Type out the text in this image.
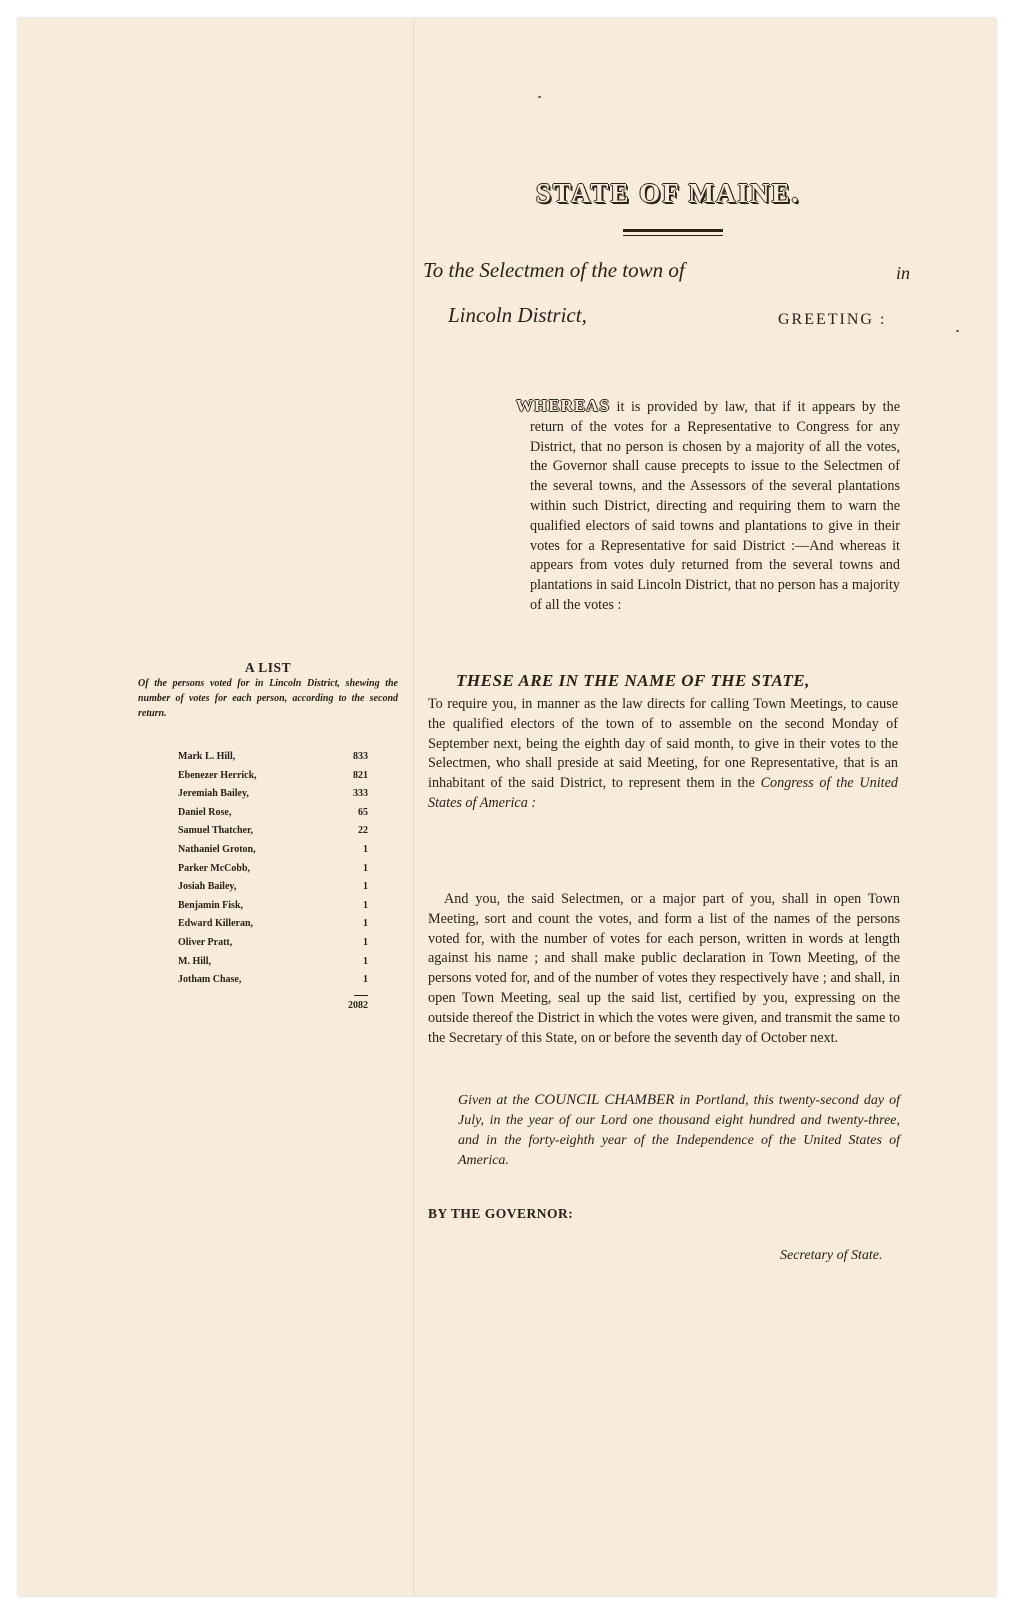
STATE OF MAINE.
To the Selectmen of the town of	in
Lincoln District,	GREETING :
WHEREAS it is provided by law, that if it appears by the return of the votes for a Representative to Congress for any District, that no person is chosen by a majority of all the votes, the Governor shall cause precepts to issue to the Selectmen of the several towns, and the Assessors of the several plantations within such District, directing and requiring them to warn the qualified electors of said towns and plantations to give in their votes for a Representative for said District :—And whereas it appears from votes duly returned from the several towns and plantations in said Lincoln District, that no person has a majority of all the votes :
A LIST
Of the persons voted for in Lincoln District, shewing the number of votes for each person, according to the second return.
Mark L. Hill,	833
Ebenezer Herrick,	821
Jeremiah Bailey,	333
Daniel Rose,	65
Samuel Thatcher,	22
Nathaniel Groton,	1
Parker McCobb,	1
Josiah Bailey,	1
Benjamin Fisk,	1
Edward Killeran,	1
Oliver Pratt,	1
M. Hill,	1
Jotham Chase,	1
2082
THESE ARE IN THE NAME OF THE STATE,
To require you, in manner as the law directs for calling Town Meetings, to cause the qualified electors of the town of to assemble on the second Monday of September next, being the eighth day of said month, to give in their votes to the Selectmen, who shall preside at said Meeting, for one Representative, that is an inhabitant of the said District, to represent them in the Congress of the United States of America :
And you, the said Selectmen, or a major part of you, shall in open Town Meeting, sort and count the votes, and form a list of the names of the persons voted for, with the number of votes for each person, written in words at length against his name ; and shall make public declaration in Town Meeting, of the persons voted for, and of the number of votes they respectively have ; and shall, in open Town Meeting, seal up the said list, certified by you, expressing on the outside thereof the District in which the votes were given, and transmit the same to the Secretary of this State, on or before the seventh day of October next.
Given at the COUNCIL CHAMBER in Portland, this twenty-second day of July, in the year of our Lord one thousand eight hundred and twenty-three, and in the forty-eighth year of the Independence of the United States of America.
BY THE GOVERNOR:
Secretary of State.
